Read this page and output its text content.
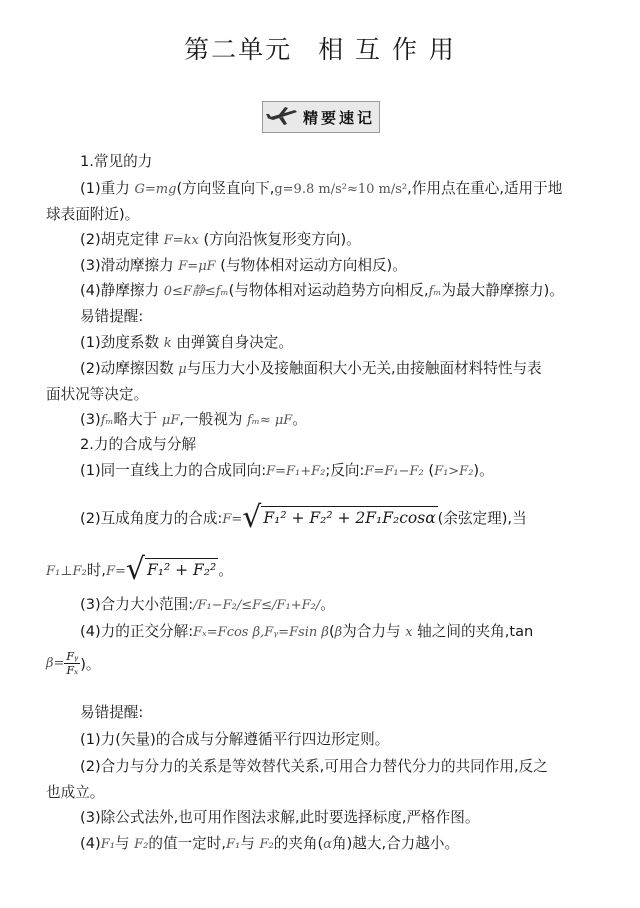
第二单元 相 互 作 用
精要速记
1.常见的力
(1)重力 G=mg(方向竖直向下,g=9.8 m/s²≈10 m/s²,作用点在重心,适用于地
球表面附近)。
(2)胡克定律 F=kx (方向沿恢复形变方向)。
(3)滑动摩擦力 F=μF (与物体相对运动方向相反)。
(4)静摩擦力 0≤F静≤fₘ(与物体相对运动趋势方向相反,fₘ为最大静摩擦力)。
易错提醒:
(1)劲度系数 k 由弹簧自身决定。
(2)动摩擦因数 μ与压力大小及接触面积大小无关,由接触面材料特性与表
面状况等决定。
(3)fₘ略大于 μF,一般视为 fₘ≈ μF。
2.力的合成与分解
(1)同一直线上力的合成同向:F=F₁+F₂;反向:F=F₁−F₂ (F₁>F₂)。
(2)互成角度力的合成:F=√ F₁² + F₂² + 2F₁F₂cosα (余弦定理),当
F₁⊥F₂时,F=√ F₁² + F₂² 。
(3)合力大小范围:/F₁−F₂/≤F≤/F₁+F₂/。
(4)力的正交分解:Fₓ=Fcos β,Fᵧ=Fsin β(β为合力与 x 轴之间的夹角,tan
$\beta= \frac{\text{Fᵧ}}{\text{Fₓ}}$ )。
易错提醒:
(1)力(矢量)的合成与分解遵循平行四边形定则。
(2)合力与分力的关系是等效替代关系,可用合力替代分力的共同作用,反之
也成立。
(3)除公式法外,也可用作图法求解,此时要选择标度,严格作图。
(4)F₁与 F₂的值一定时,F₁与 F₂的夹角(α角)越大,合力越小。
